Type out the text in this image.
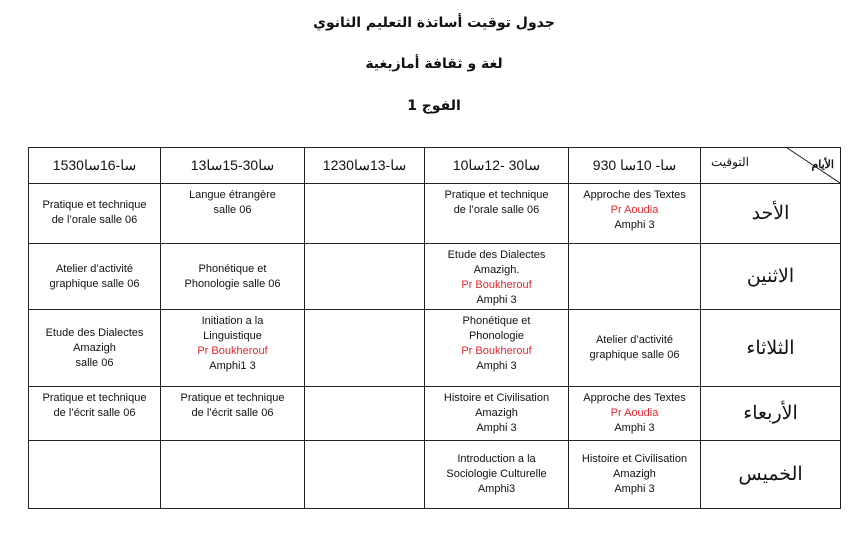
جدول توقيت أساتذة التعليم الثانوي
لغة و ثقافة أمازيغية
الفوج 1
15سا-16سا30	13سا30-15سا	12سا-13سا30	10سا30 -12سا	9سا- 10سا 30	الأيام
التوقيت

Pratique et technique
de l’orale salle 06	Langue étrangère
salle 06		Pratique et technique
de l’orale salle 06	Approche des Textes
Pr Aoudia
Amphi 3	الأحد

Atelier d’activité
graphique salle 06	Phonétique et
Phonologie salle 06		Etude des Dialectes
Amazigh.
Pr Boukherouf
Amphi 3		الاثنين

Etude des Dialectes
Amazigh
salle 06	Initiation a la
Linguistique
Pr Boukherouf
Amphi1 3		Phonétique et
Phonologie
Pr Boukherouf
Amphi 3	Atelier d’activité
graphique salle 06	الثلاثاء

Pratique et technique
de l’écrit salle 06	Pratique et technique
de l’écrit salle 06		Histoire et Civilisation
Amazigh
Amphi 3	Approche des Textes
Pr Aoudia
Amphi 3	الأربعاء

			Introduction a la
Sociologie Culturelle
Amphi3	Histoire et Civilisation
Amazigh
Amphi 3	الخميس
